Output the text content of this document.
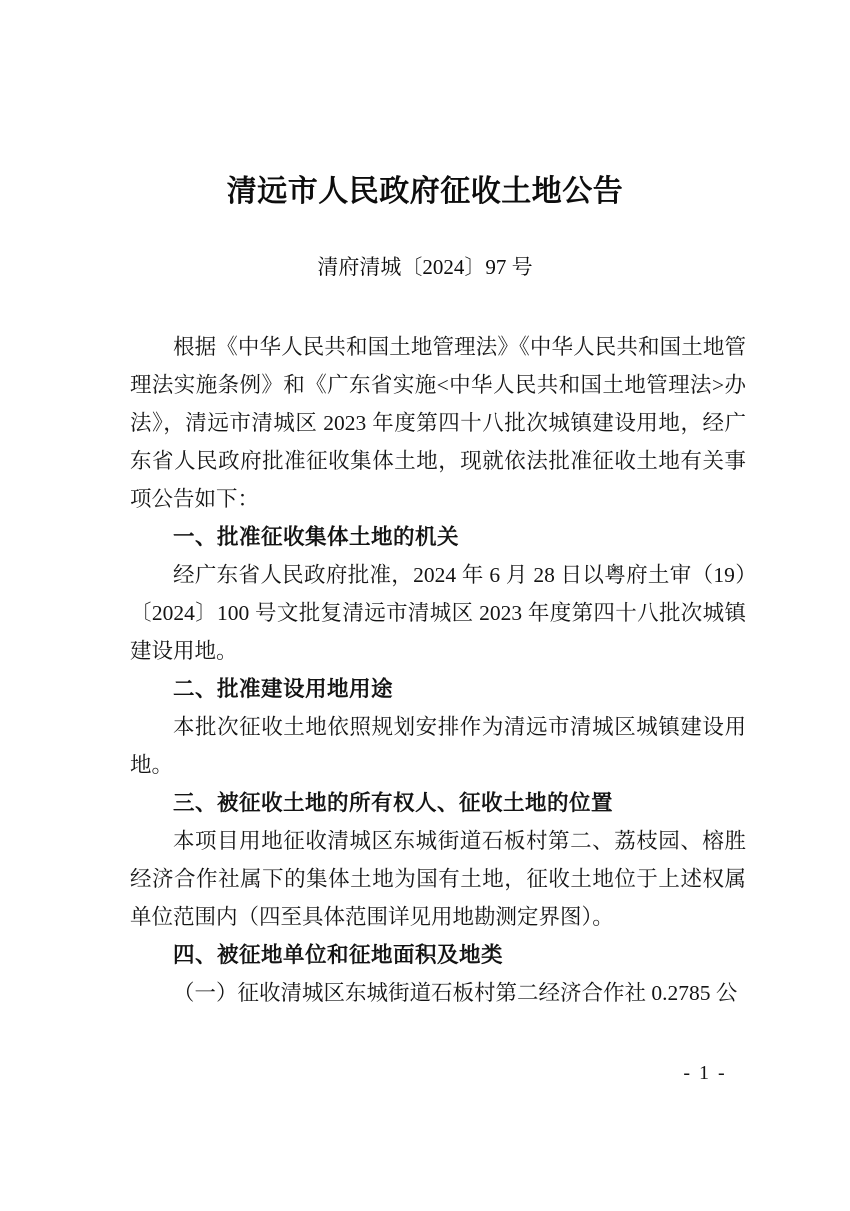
清远市人民政府征收土地公告
清府清城〔2024〕97 号

根据《中华人民共和国土地管理法》《中华人民共和国土地管理法实施条例》和《广东省实施<中华人民共和国土地管理法>办法》，清远市清城区 2023 年度第四十八批次城镇建设用地，经广东省人民政府批准征收集体土地，现就依法批准征收土地有关事项公告如下：

一、批准征收集体土地的机关

经广东省人民政府批准，2024 年 6 月 28 日以粤府土审（19）〔2024〕100 号文批复清远市清城区 2023 年度第四十八批次城镇建设用地。

二、批准建设用地用途

本批次征收土地依照规划安排作为清远市清城区城镇建设用地。

三、被征收土地的所有权人、征收土地的位置

本项目用地征收清城区东城街道石板村第二、荔枝园、榕胜经济合作社属下的集体土地为国有土地，征收土地位于上述权属单位范围内（四至具体范围详见用地勘测定界图）。

四、被征地单位和征地面积及地类

（一）征收清城区东城街道石板村第二经济合作社 0.2785 公

- 1 -
